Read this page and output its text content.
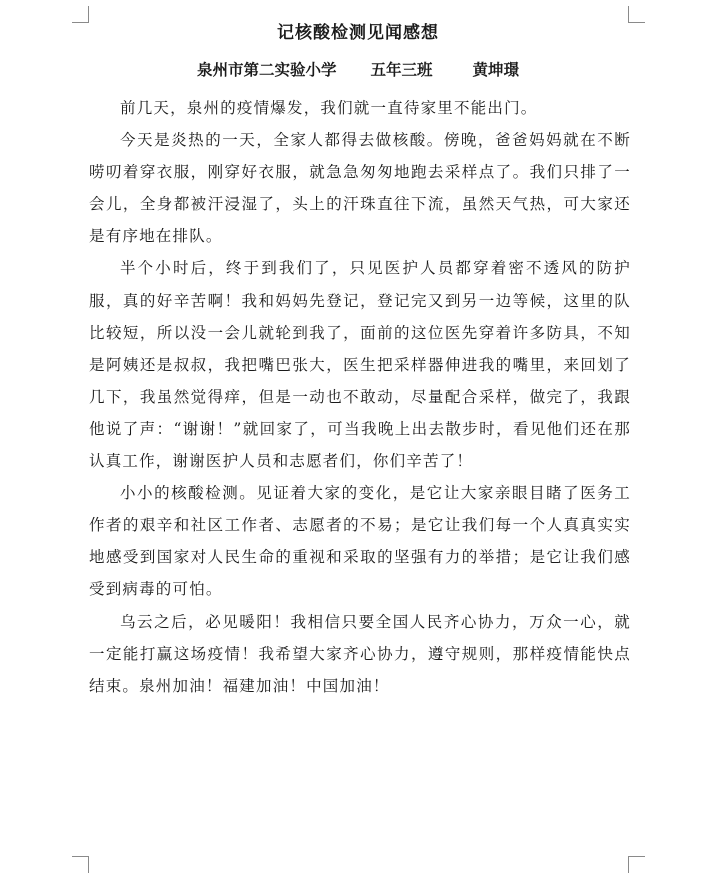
记核酸检测见闻感想
泉州市第二实验小学 五年三班	黄坤璟

前几天，泉州的疫情爆发，我们就一直待家里不能出门。

今天是炎热的一天，全家人都得去做核酸。傍晚，爸爸妈妈就在不断唠叨着穿衣服，刚穿好衣服，就急急匆匆地跑去采样点了。我们只排了一会儿，全身都被汗浸湿了，头上的汗珠直往下流，虽然天气热，可大家还是有序地在排队。

半个小时后，终于到我们了，只见医护人员都穿着密不透风的防护服，真的好辛苦啊！我和妈妈先登记，登记完又到另一边等候，这里的队比较短，所以没一会儿就轮到我了，面前的这位医先穿着许多防具，不知是阿姨还是叔叔，我把嘴巴张大，医生把采样器伸进我的嘴里，来回划了几下，我虽然觉得痒，但是一动也不敢动，尽量配合采样，做完了，我跟他说了声：“谢谢！”就回家了，可当我晚上出去散步时，看见他们还在那认真工作，谢谢医护人员和志愿者们，你们辛苦了！

小小的核酸检测。见证着大家的变化，是它让大家亲眼目睹了医务工作者的艰辛和社区工作者、志愿者的不易；是它让我们每一个人真真实实地感受到国家对人民生命的重视和采取的坚强有力的举措；是它让我们感受到病毒的可怕。

乌云之后，必见暖阳！我相信只要全国人民齐心协力，万众一心，就一定能打赢这场疫情！我希望大家齐心协力，遵守规则，那样疫情能快点结束。泉州加油！福建加油！中国加油！
